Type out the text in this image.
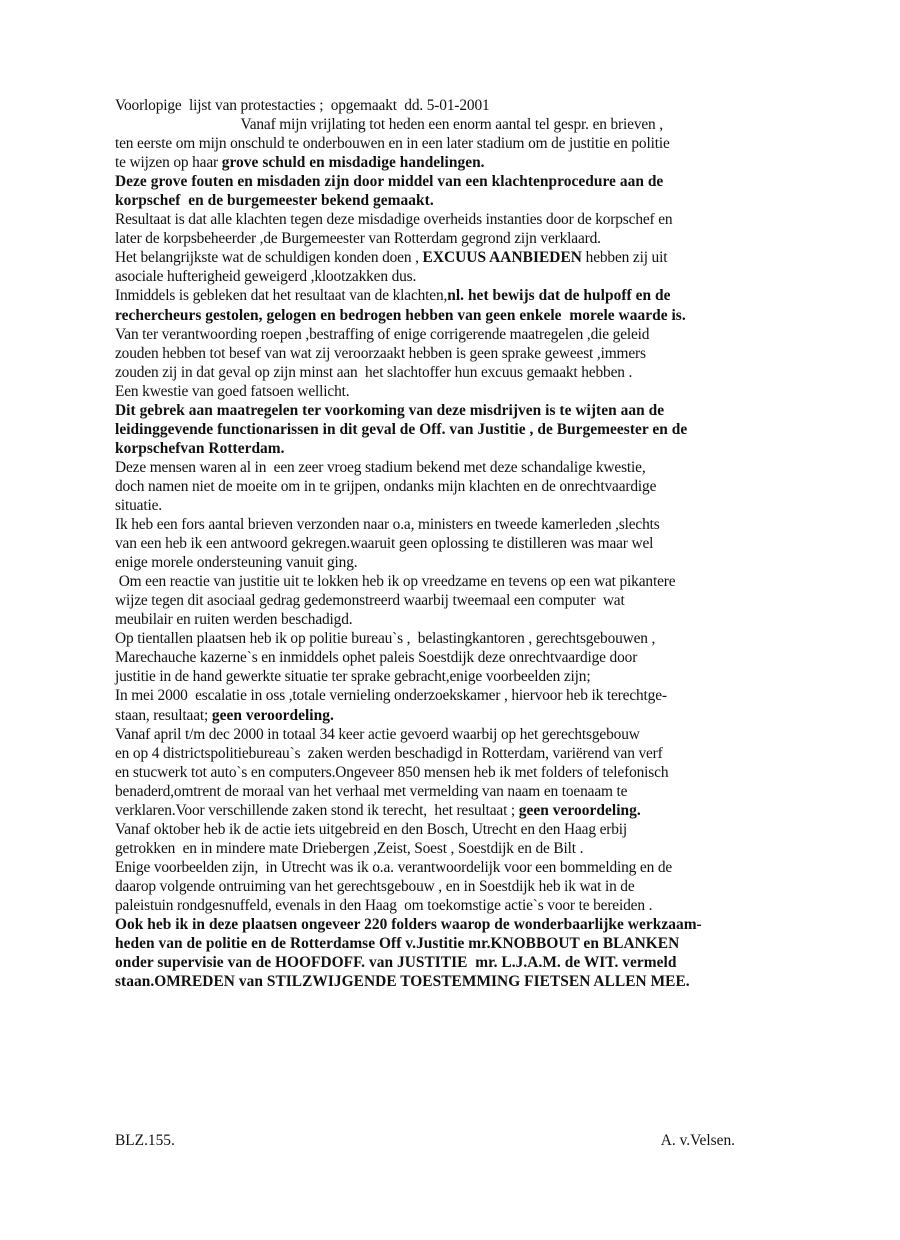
Voorlopige  lijst van protestacties ;  opgemaakt  dd. 5-01-2001
Vanaf mijn vrijlating tot heden een enorm aantal tel gespr. en brieven ,
ten eerste om mijn onschuld te onderbouwen en in een later stadium om de justitie en politie
te wijzen op haar grove schuld en misdadige handelingen.
Deze grove fouten en misdaden zijn door middel van een klachtenprocedure aan de
korpschef  en de burgemeester bekend gemaakt.
Resultaat is dat alle klachten tegen deze misdadige overheids instanties door de korpschef en
later de korpsbeheerder ,de Burgemeester van Rotterdam gegrond zijn verklaard.
Het belangrijkste wat de schuldigen konden doen , EXCUUS AANBIEDEN hebben zij uit
asociale hufterigheid geweigerd ,klootzakken dus.
Inmiddels is gebleken dat het resultaat van de klachten,nl. het bewijs dat de hulpoff en de
rechercheurs gestolen, gelogen en bedrogen hebben van geen enkele  morele waarde is.
Van ter verantwoording roepen ,bestraffing of enige corrigerende maatregelen ,die geleid
zouden hebben tot besef van wat zij veroorzaakt hebben is geen sprake geweest ,immers
zouden zij in dat geval op zijn minst aan  het slachtoffer hun excuus gemaakt hebben .
Een kwestie van goed fatsoen wellicht.
Dit gebrek aan maatregelen ter voorkoming van deze misdrijven is te wijten aan de
leidinggevende functionarissen in dit geval de Off. van Justitie , de Burgemeester en de
korpschefvan Rotterdam.
Deze mensen waren al in  een zeer vroeg stadium bekend met deze schandalige kwestie,
doch namen niet de moeite om in te grijpen, ondanks mijn klachten en de onrechtvaardige
situatie.
Ik heb een fors aantal brieven verzonden naar o.a, ministers en tweede kamerleden ,slechts
van een heb ik een antwoord gekregen.waaruit geen oplossing te distilleren was maar wel
enige morele ondersteuning vanuit ging.
Om een reactie van justitie uit te lokken heb ik op vreedzame en tevens op een wat pikantere
wijze tegen dit asociaal gedrag gedemonstreerd waarbij tweemaal een computer  wat
meubilair en ruiten werden beschadigd.
Op tientallen plaatsen heb ik op politie bureau`s ,  belastingkantoren , gerechtsgebouwen ,
Marechauche kazerne`s en inmiddels ophet paleis Soestdijk deze onrechtvaardige door
justitie in de hand gewerkte situatie ter sprake gebracht,enige voorbeelden zijn;
In mei 2000  escalatie in oss ,totale vernieling onderzoekskamer , hiervoor heb ik terechtge-
staan, resultaat; geen veroordeling.
Vanaf april t/m dec 2000 in totaal 34 keer actie gevoerd waarbij op het gerechtsgebouw
en op 4 districtspolitiebureau`s  zaken werden beschadigd in Rotterdam, variërend van verf
en stucwerk tot auto`s en computers.Ongeveer 850 mensen heb ik met folders of telefonisch
benaderd,omtrent de moraal van het verhaal met vermelding van naam en toenaam te
verklaren.Voor verschillende zaken stond ik terecht,  het resultaat ; geen veroordeling.
Vanaf oktober heb ik de actie iets uitgebreid en den Bosch, Utrecht en den Haag erbij
getrokken  en in mindere mate Driebergen ,Zeist, Soest , Soestdijk en de Bilt .
Enige voorbeelden zijn,  in Utrecht was ik o.a. verantwoordelijk voor een bommelding en de
daarop volgende ontruiming van het gerechtsgebouw , en in Soestdijk heb ik wat in de
paleistuin rondgesnuffeld, evenals in den Haag  om toekomstige actie`s voor te bereiden .
Ook heb ik in deze plaatsen ongeveer 220 folders waarop de wonderbaarlijke werkzaam-
heden van de politie en de Rotterdamse Off v.Justitie mr.KNOBBOUT en BLANKEN
onder supervisie van de HOOFDOFF. van JUSTITIE  mr. L.J.A.M. de WIT. vermeld
staan.OMREDEN van STILZWIJGENDE TOESTEMMING FIETSEN ALLEN MEE.
BLZ.155.	A. v.Velsen.
